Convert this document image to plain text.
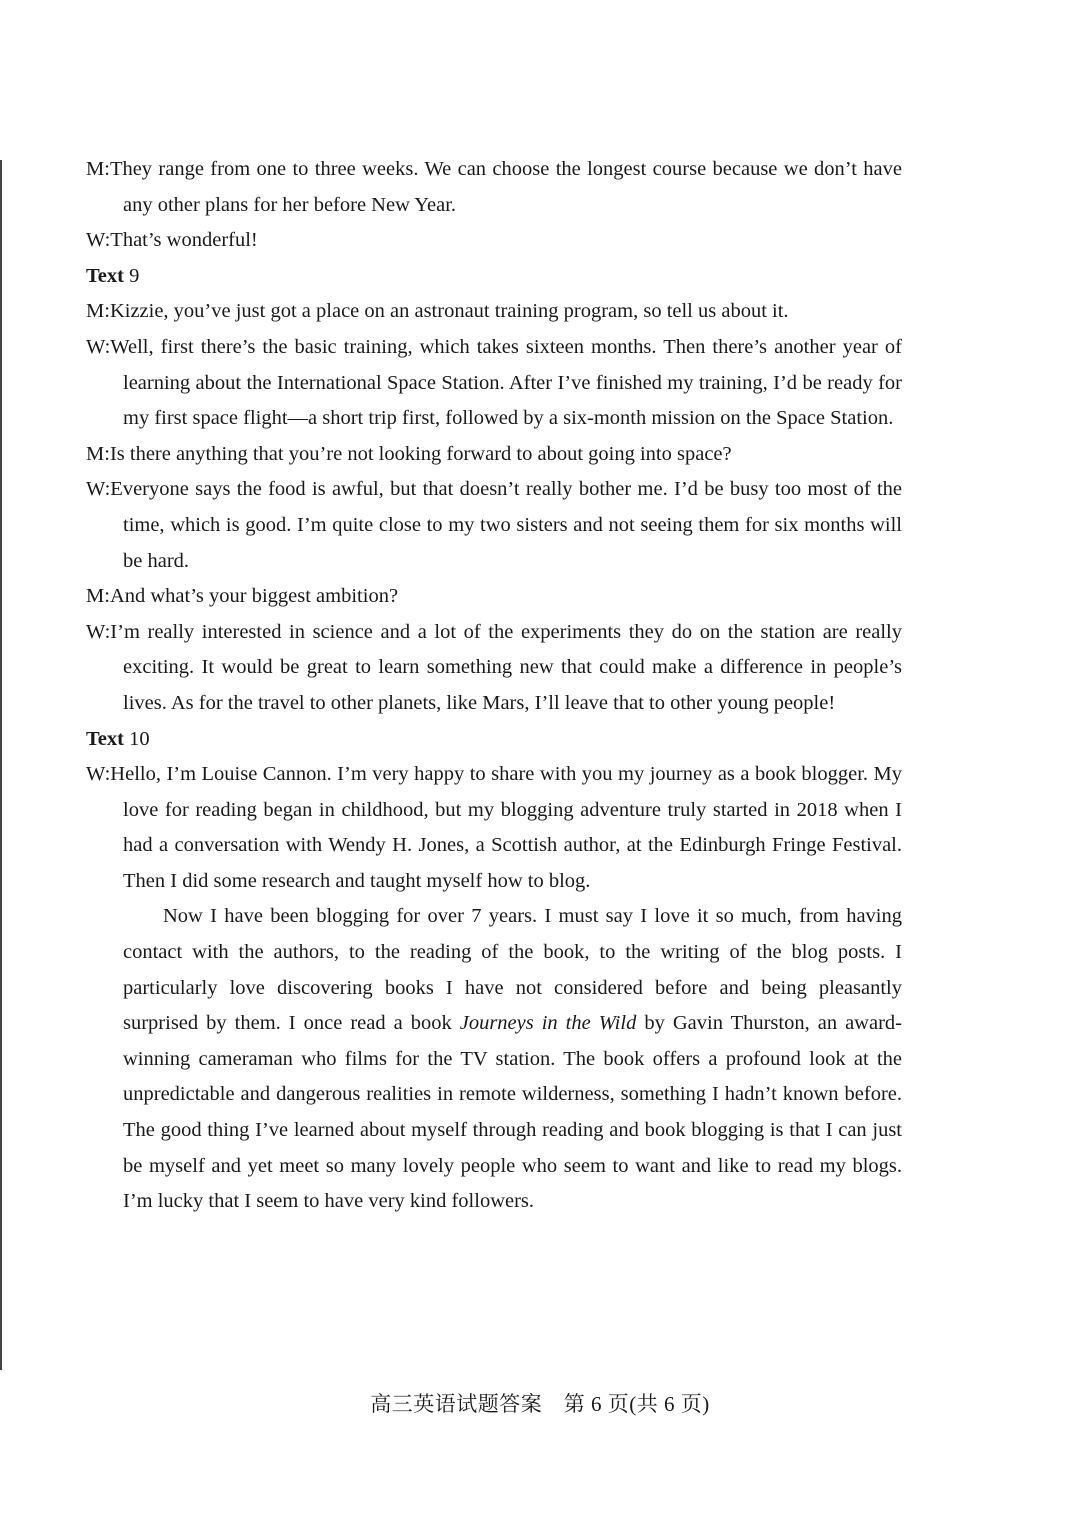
M:They range from one to three weeks. We can choose the longest course because we don’t have any other plans for her before New Year.

W:That’s wonderful!

Text 9

M:Kizzie, you’ve just got a place on an astronaut training program, so tell us about it.

W:Well, first there’s the basic training, which takes sixteen months. Then there’s another year of learning about the International Space Station. After I’ve finished my training, I’d be ready for my first space flight—a short trip first, followed by a six-month mission on the Space Station.

M:Is there anything that you’re not looking forward to about going into space?

W:Everyone says the food is awful, but that doesn’t really bother me. I’d be busy too most of the time, which is good. I’m quite close to my two sisters and not seeing them for six months will be hard.

M:And what’s your biggest ambition?

W:I’m really interested in science and a lot of the experiments they do on the station are really exciting. It would be great to learn something new that could make a difference in people’s lives. As for the travel to other planets, like Mars, I’ll leave that to other young people!

Text 10

W:Hello, I’m Louise Cannon. I’m very happy to share with you my journey as a book blogger. My love for reading began in childhood, but my blogging adventure truly started in 2018 when I had a conversation with Wendy H. Jones, a Scottish author, at the Edinburgh Fringe Festival. Then I did some research and taught myself how to blog.

Now I have been blogging for over 7 years. I must say I love it so much, from having contact with the authors, to the reading of the book, to the writing of the blog posts. I particularly love discovering books I have not considered before and being pleasantly surprised by them. I once read a book Journeys in the Wild by Gavin Thurston, an award-winning cameraman who films for the TV station. The book offers a profound look at the unpredictable and dangerous realities in remote wilderness, something I hadn’t known before. The good thing I’ve learned about myself through reading and book blogging is that I can just be myself and yet meet so many lovely people who seem to want and like to read my blogs. I’m lucky that I seem to have very kind followers.

高三英语试题答案　第 6 页(共 6 页)
